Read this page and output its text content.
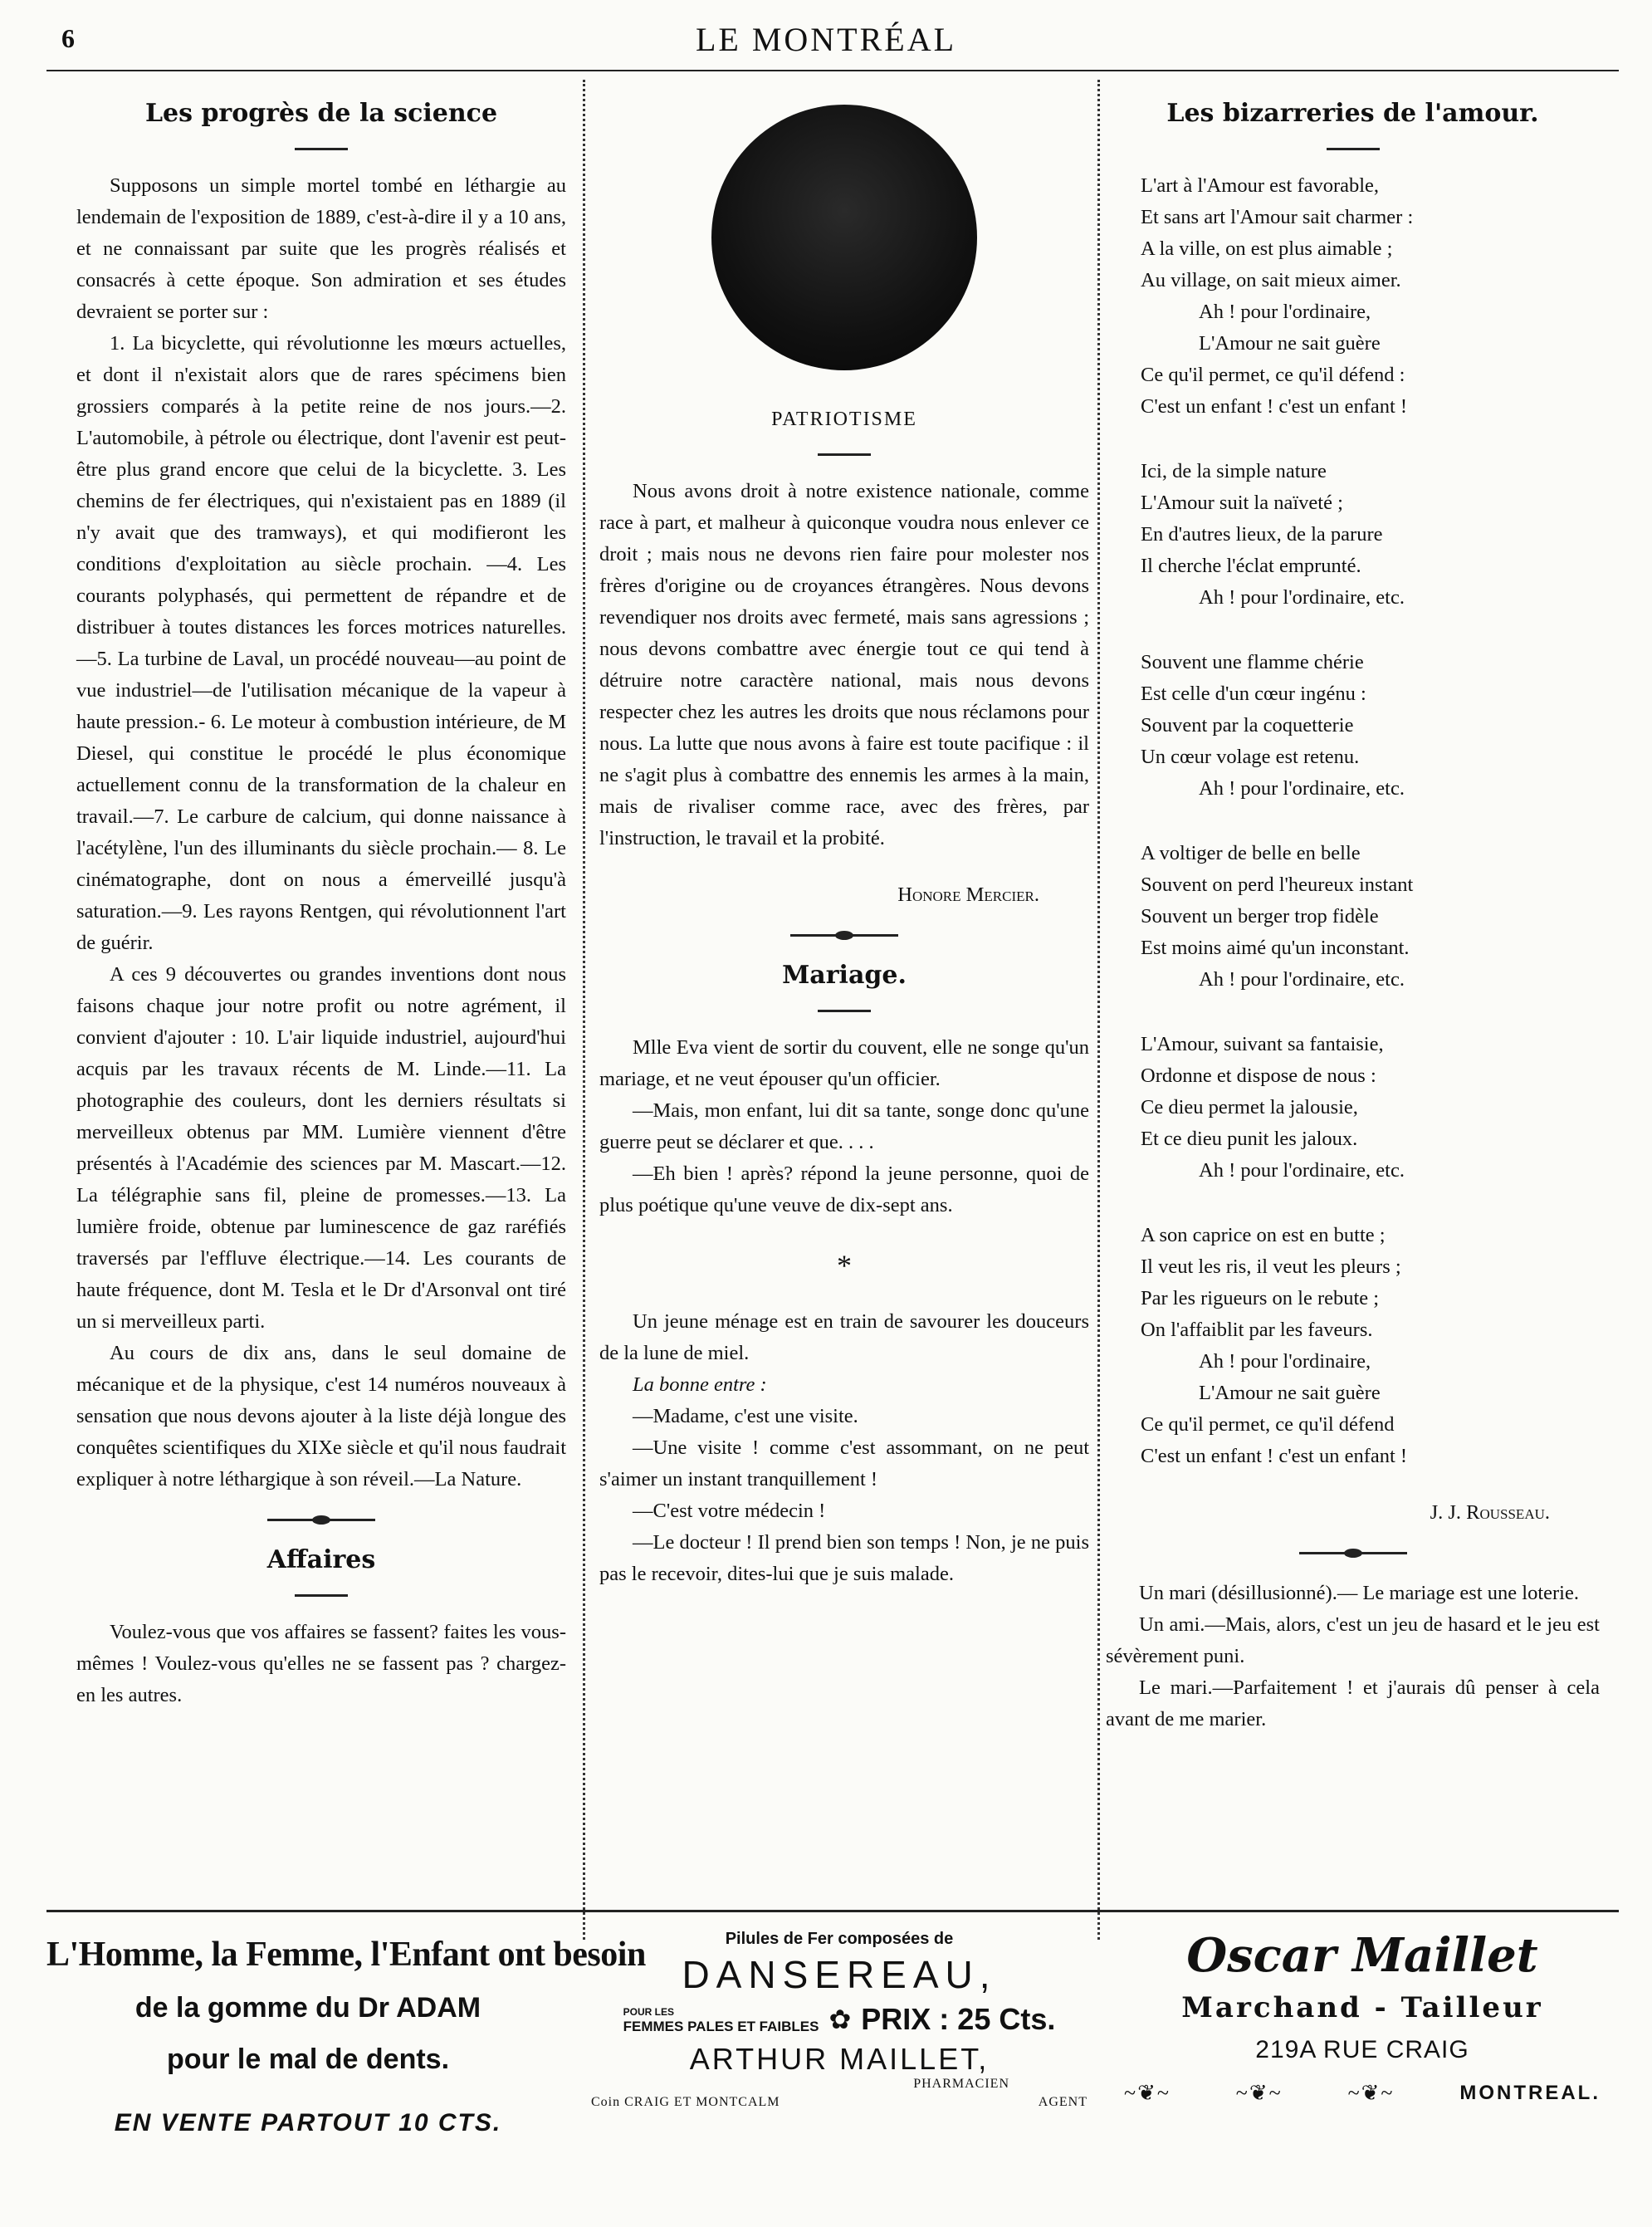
6	LE MONTRÉAL
Les progrès de la science

Supposons un simple mortel tombé en léthargie au lendemain de l'exposition de 1889, c'est-à-dire il y a 10 ans, et ne connaissant par suite que les progrès réalisés et consacrés à cette époque. Son admiration et ses études devraient se porter sur :

1. La bicyclette, qui révolutionne les mœurs actuelles, et dont il n'existait alors que de rares spécimens bien grossiers comparés à la petite reine de nos jours.—2. L'automobile, à pétrole ou électrique, dont l'avenir est peut-être plus grand encore que celui de la bicyclette. 3. Les chemins de fer électriques, qui n'existaient pas en 1889 (il n'y avait que des tramways), et qui modifieront les conditions d'exploitation au siècle prochain. —4. Les courants polyphasés, qui permettent de répandre et de distribuer à toutes distances les forces motrices naturelles.—5. La turbine de Laval, un procédé nouveau—au point de vue industriel—de l'utilisation mécanique de la vapeur à haute pression.- 6. Le moteur à combustion intérieure, de M Diesel, qui constitue le procédé le plus économique actuellement connu de la transformation de la chaleur en travail.—7. Le carbure de calcium, qui donne naissance à l'acétylène, l'un des illuminants du siècle prochain.— 8. Le cinématographe, dont on nous a émerveillé jusqu'à saturation.—9. Les rayons Rentgen, qui révolutionnent l'art de guérir.

A ces 9 découvertes ou grandes inventions dont nous faisons chaque jour notre profit ou notre agrément, il convient d'ajouter : 10. L'air liquide industriel, aujourd'hui acquis par les travaux récents de M. Linde.—11. La photographie des couleurs, dont les derniers résultats si merveilleux obtenus par MM. Lumière viennent d'être présentés à l'Académie des sciences par M. Mascart.—12. La télégraphie sans fil, pleine de promesses.—13. La lumière froide, obtenue par luminescence de gaz raréfiés traversés par l'effluve électrique.—14. Les courants de haute fréquence, dont M. Tesla et le Dr d'Arsonval ont tiré un si merveilleux parti.

Au cours de dix ans, dans le seul domaine de mécanique et de la physique, c'est 14 numéros nouveaux à sensation que nous devons ajouter à la liste déjà longue des conquêtes scientifiques du XIXe siècle et qu'il nous faudrait expliquer à notre léthargique à son réveil.—La Nature.

Affaires

Voulez-vous que vos affaires se fassent? faites les vous-mêmes ! Voulez-vous qu'elles ne se fassent pas ? chargez-en les autres.

PATRIOTISME

Nous avons droit à notre existence nationale, comme race à part, et malheur à quiconque voudra nous enlever ce droit ; mais nous ne devons rien faire pour molester nos frères d'origine ou de croyances étrangères. Nous devons revendiquer nos droits avec fermeté, mais sans agressions ; nous devons combattre avec énergie tout ce qui tend à détruire notre caractère national, mais nous devons respecter chez les autres les droits que nous réclamons pour nous. La lutte que nous avons à faire est toute pacifique : il ne s'agit plus à combattre des ennemis les armes à la main, mais de rivaliser comme race, avec des frères, par l'instruction, le travail et la probité.

Honore Mercier.
Mariage.

Mlle Eva vient de sortir du couvent, elle ne songe qu'un mariage, et ne veut épouser qu'un officier.

—Mais, mon enfant, lui dit sa tante, songe donc qu'une guerre peut se déclarer et que. . . .

—Eh bien ! après? répond la jeune personne, quoi de plus poétique qu'une veuve de dix-sept ans.

*

Un jeune ménage est en train de savourer les douceurs de la lune de miel.

La bonne entre :

—Madame, c'est une visite.

—Une visite ! comme c'est assommant, on ne peut s'aimer un instant tranquillement !

—C'est votre médecin !

—Le docteur ! Il prend bien son temps ! Non, je ne puis pas le recevoir, dites-lui que je suis malade.

Les bizarreries de l'amour.
L'art à l'Amour est favorable,
Et sans art l'Amour sait charmer :
A la ville, on est plus aimable ;
Au village, on sait mieux aimer.
Ah ! pour l'ordinaire,
L'Amour ne sait guère
Ce qu'il permet, ce qu'il défend :
C'est un enfant ! c'est un enfant !
Ici, de la simple nature
L'Amour suit la naïveté ;
En d'autres lieux, de la parure
Il cherche l'éclat emprunté.
Ah ! pour l'ordinaire, etc.
Souvent une flamme chérie
Est celle d'un cœur ingénu :
Souvent par la coquetterie
Un cœur volage est retenu.
Ah ! pour l'ordinaire, etc.
A voltiger de belle en belle
Souvent on perd l'heureux instant
Souvent un berger trop fidèle
Est moins aimé qu'un inconstant.
Ah ! pour l'ordinaire, etc.
L'Amour, suivant sa fantaisie,
Ordonne et dispose de nous :
Ce dieu permet la jalousie,
Et ce dieu punit les jaloux.
Ah ! pour l'ordinaire, etc.
A son caprice on est en butte ;
Il veut les ris, il veut les pleurs ;
Par les rigueurs on le rebute ;
On l'affaiblit par les faveurs.
Ah ! pour l'ordinaire,
L'Amour ne sait guère
Ce qu'il permet, ce qu'il défend
C'est un enfant ! c'est un enfant !
J. J. Rousseau.

Un mari (désillusionné).— Le mariage est une loterie.

Un ami.—Mais, alors, c'est un jeu de hasard et le jeu est sévèrement puni.

Le mari.—Parfaitement ! et j'aurais dû penser à cela avant de me marier.

L'Homme, la Femme, l'Enfant ont besoin
de la gomme du Dr ADAM
pour le mal de dents.
EN VENTE PARTOUT 10 CTS.
Pilules de Fer composées de
DANSEREAU,
POUR LES
FEMMES PALES ET FAIBLES ✿ PRIX : 25 Cts.
ARTHUR MAILLET,
PHARMACIEN
Coin CRAIG ET MONTCALM	AGENT
Oscar Maillet
Marchand - Tailleur
219A RUE CRAIG
~❦~	~❦~	~❦~	MONTREAL.
